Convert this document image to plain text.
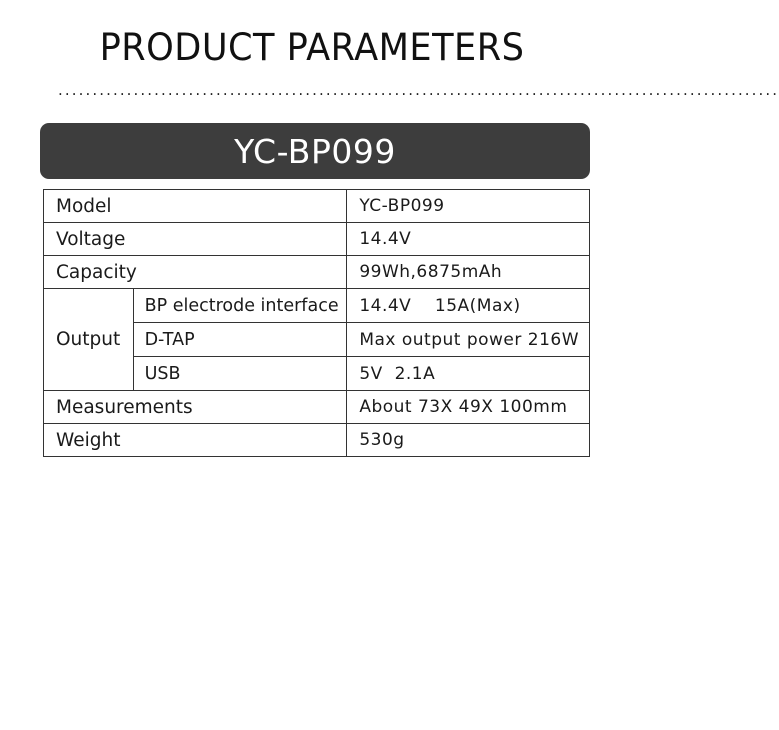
PRODUCT PARAMETERS
.........................................................................................................
YC-BP099
Model		YC-BP099
Voltage		14.4V
Capacity		99Wh,6875mAh
Output	BP electrode interface	14.4V    15A(Max)
	D-TAP	Max output power 216W
	USB	5V  2.1A
Measurements		About 73X 49X 100mm
Weight		530g
